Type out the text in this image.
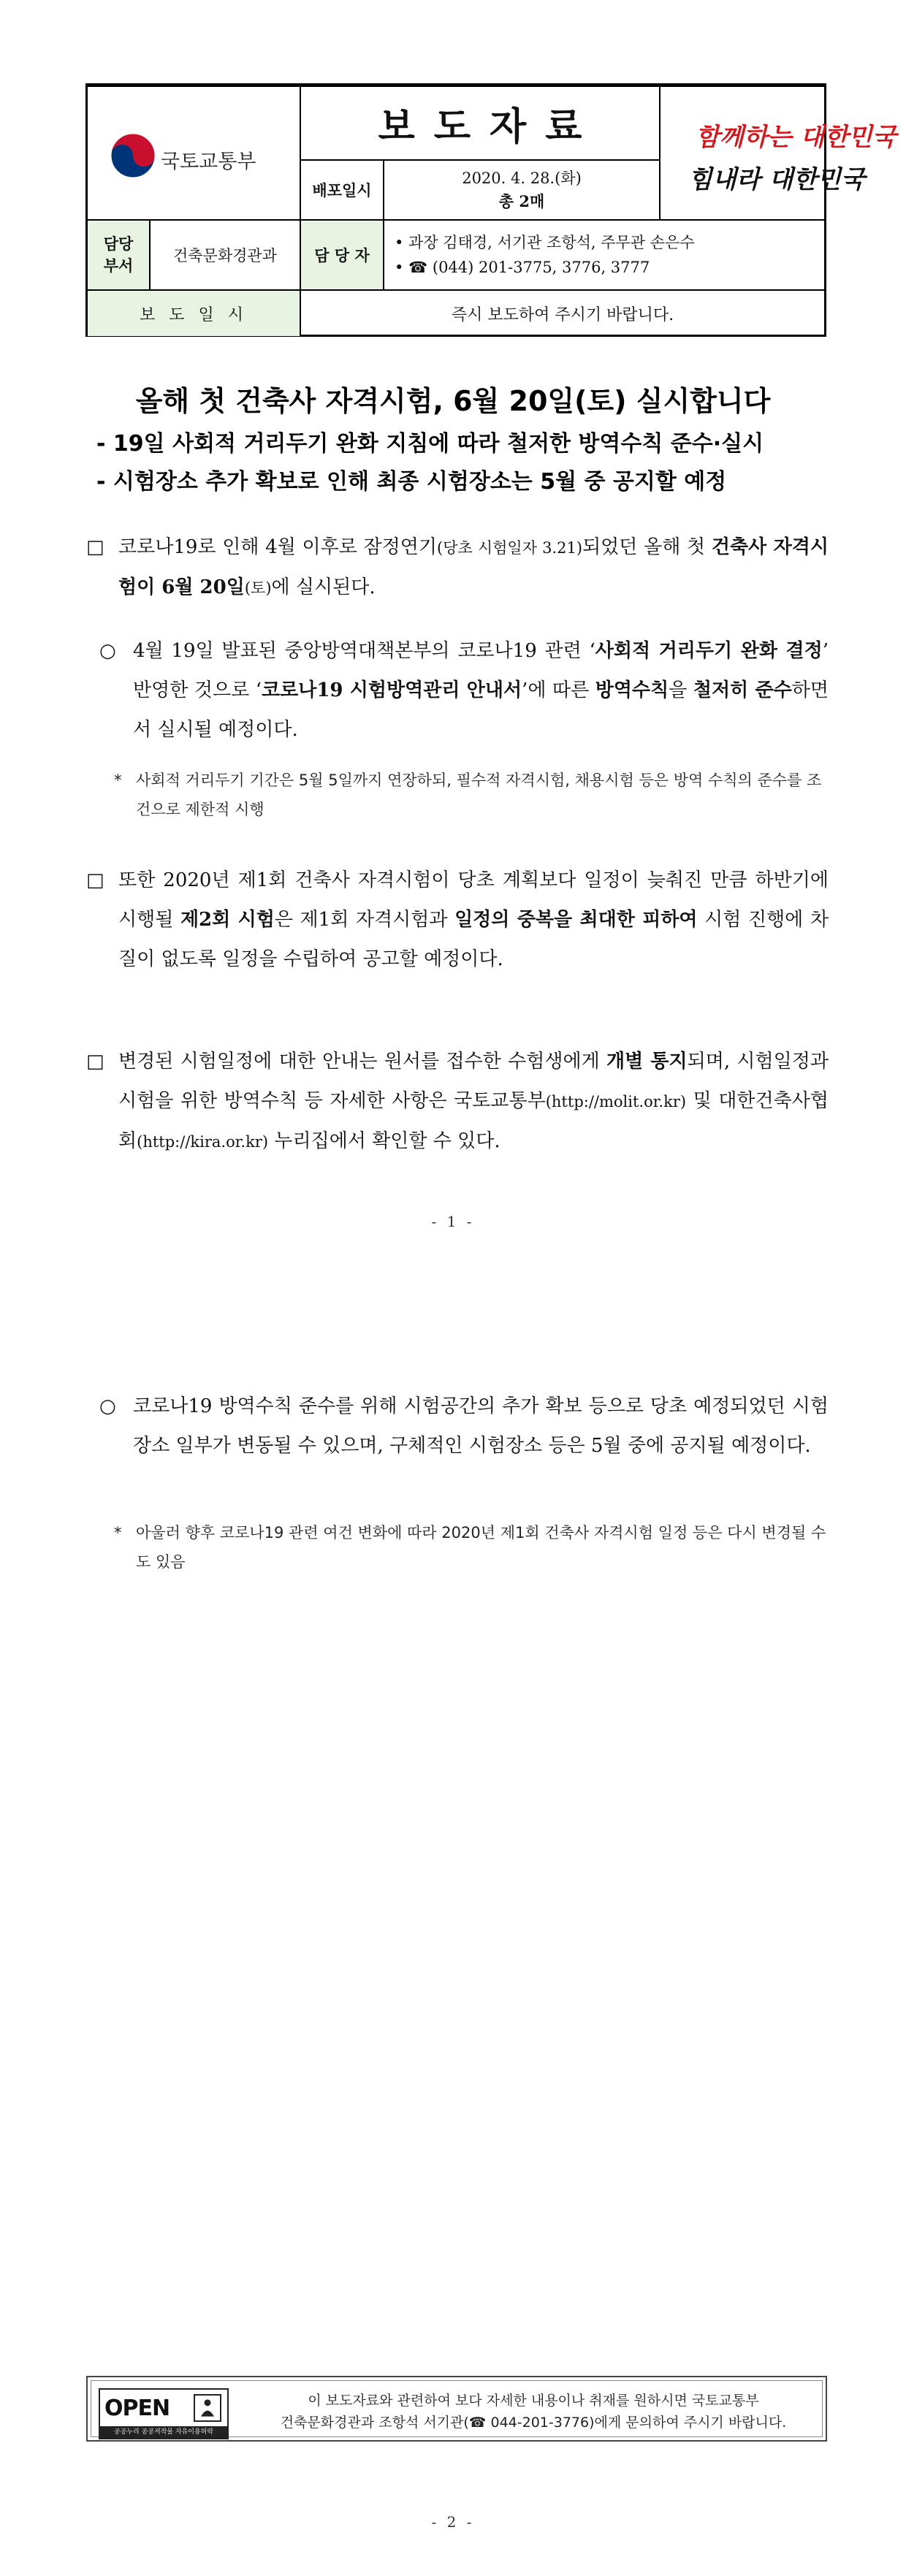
국토교통부
보도자료
배포일시
2020. 4. 28.(화)
총 2매
함께하는 대한민국
힘내라 대한민국
담당
부서
건축문화경관과	담 당 자
• 과장 김태경, 서기관 조항석, 주무관 손은수
• ☎ (044) 201-3775, 3776, 3777
보 도 일 시	즉시 보도하여 주시기 바랍니다.
올해 첫 건축사 자격시험, 6월 20일(토) 실시합니다
- 19일 사회적 거리두기 완화 지침에 따라 철저한 방역수칙 준수·실시
- 시험장소 추가 확보로 인해 최종 시험장소는 5월 중 공지할 예정
□ 코로나19로 인해 4월 이후로 잠정연기(당초 시험일자 3.21)되었던 올해 첫 건축사 자격시험이 6월 20일(토)에 실시된다.
○ 4월 19일 발표된 중앙방역대책본부의 코로나19 관련 ‘사회적 거리두기 완화 결정’ 반영한 것으로 ‘코로나19 시험방역관리 안내서’에 따른 방역수칙을 철저히 준수하면서 실시될 예정이다.
* 사회적 거리두기 기간은 5월 5일까지 연장하되, 필수적 자격시험, 채용시험 등은 방역 수칙의 준수를 조건으로 제한적 시행
□ 또한 2020년 제1회 건축사 자격시험이 당초 계획보다 일정이 늦춰진 만큼 하반기에 시행될 제2회 시험은 제1회 자격시험과 일정의 중복을 최대한 피하여 시험 진행에 차질이 없도록 일정을 수립하여 공고할 예정이다.
□ 변경된 시험일정에 대한 안내는 원서를 접수한 수험생에게 개별 통지되며, 시험일정과 시험을 위한 방역수칙 등 자세한 사항은 국토교통부(http://molit.or.kr) 및 대한건축사협회(http://kira.or.kr) 누리집에서 확인할 수 있다.
- 1 -
○ 코로나19 방역수칙 준수를 위해 시험공간의 추가 확보 등으로 당초 예정되었던 시험장소 일부가 변동될 수 있으며, 구체적인 시험장소 등은 5월 중에 공지될 예정이다.
* 아울러 향후 코로나19 관련 여건 변화에 따라 2020년 제1회 건축사 자격시험 일정 등은 다시 변경될 수도 있음
OPEN
공공누리 공공저작물 자유이용허락
이 보도자료와 관련하여 보다 자세한 내용이나 취재를 원하시면 국토교통부
건축문화경관과 조항석 서기관(☎ 044-201-3776)에게 문의하여 주시기 바랍니다.
- 2 -
